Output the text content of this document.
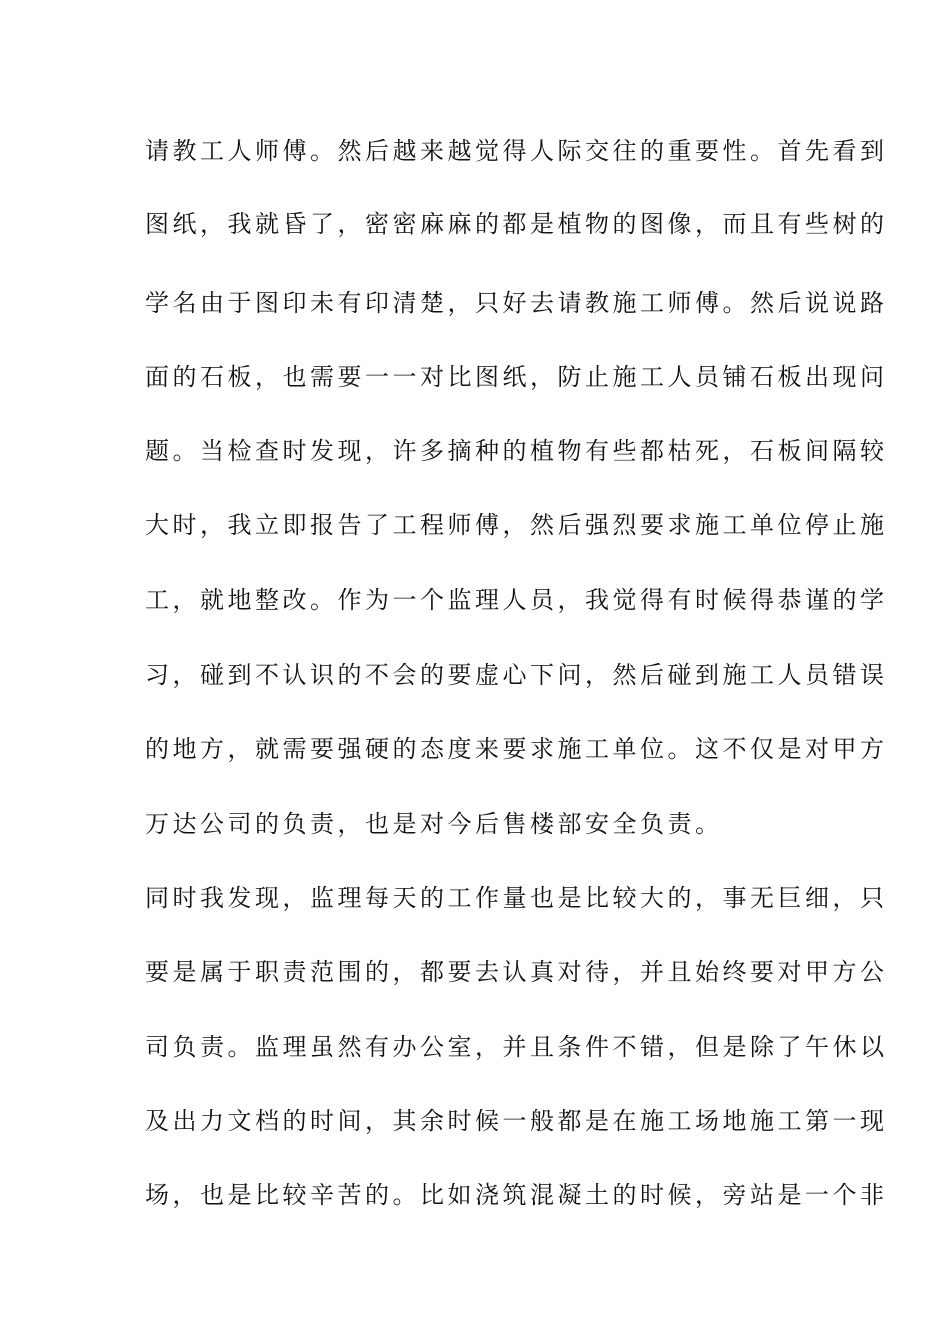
请教工人师傅。然后越来越觉得人际交往的重要性。首先看到
图纸，我就昏了，密密麻麻的都是植物的图像，而且有些树的
学名由于图印未有印清楚，只好去请教施工师傅。然后说说路
面的石板，也需要一一对比图纸，防止施工人员铺石板出现问
题。当检查时发现，许多摘种的植物有些都枯死，石板间隔较
大时，我立即报告了工程师傅，然后强烈要求施工单位停止施
工，就地整改。作为一个监理人员，我觉得有时候得恭谨的学
习，碰到不认识的不会的要虚心下问，然后碰到施工人员错误
的地方，就需要强硬的态度来要求施工单位。这不仅是对甲方
万达公司的负责，也是对今后售楼部安全负责。
同时我发现，监理每天的工作量也是比较大的，事无巨细，只
要是属于职责范围的，都要去认真对待，并且始终要对甲方公
司负责。监理虽然有办公室，并且条件不错，但是除了午休以
及出力文档的时间，其余时候一般都是在施工场地施工第一现
场，也是比较辛苦的。比如浇筑混凝土的时候，旁站是一个非
